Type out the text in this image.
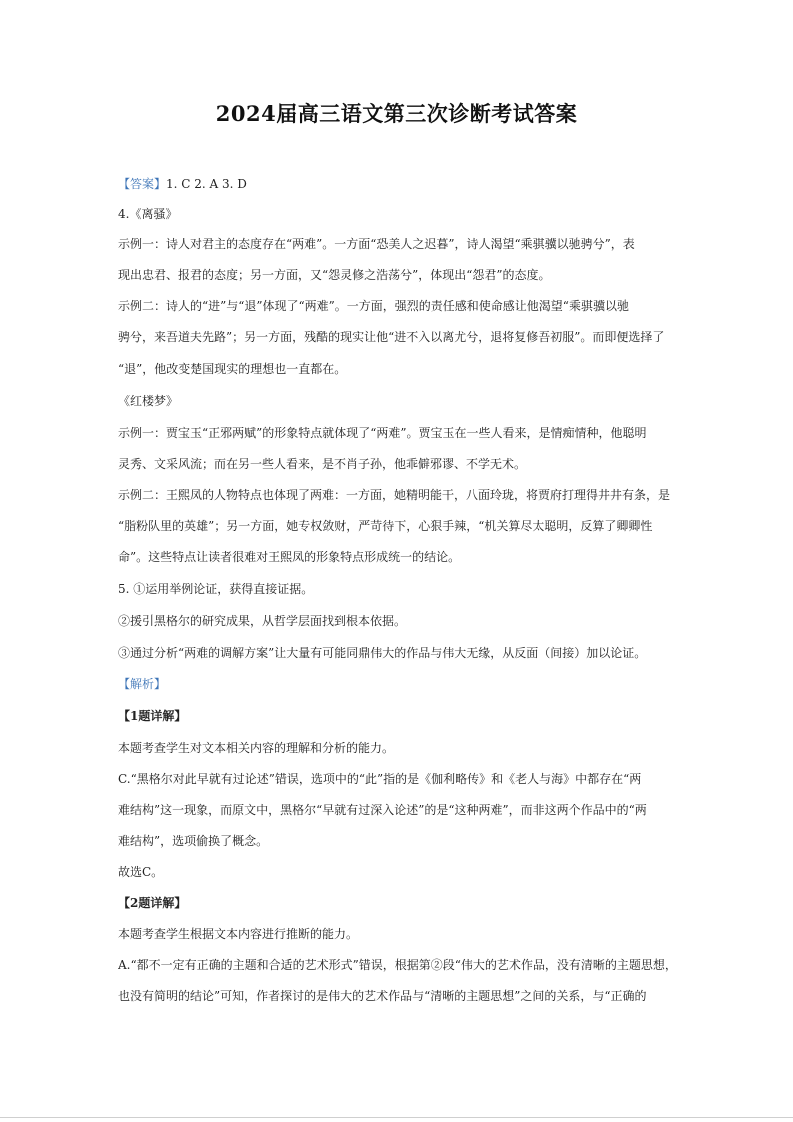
2024届高三语文第三次诊断考试答案
【答案】1. C 2. A 3. D
4.《离骚》
示例一：诗人对君主的态度存在“两难”。一方面“恐美人之迟暮”，诗人渴望“乘骐骥以驰骋兮”，表
现出忠君、报君的态度；另一方面，又“怨灵修之浩荡兮”，体现出“怨君”的态度。
示例二：诗人的“进”与“退”体现了“两难”。一方面，强烈的责任感和使命感让他渴望“乘骐骥以驰
骋兮，来吾道夫先路”；另一方面，残酷的现实让他“进不入以离尤兮，退将复修吾初服”。而即便选择了
“退”，他改变楚国现实的理想也一直都在。
《红楼梦》
示例一：贾宝玉“正邪两赋”的形象特点就体现了“两难”。贾宝玉在一些人看来，是情痴情种，他聪明
灵秀、文采风流；而在另一些人看来，是不肖子孙，他乖僻邪谬、不学无术。
示例二：王熙凤的人物特点也体现了两难：一方面，她精明能干，八面玲珑，将贾府打理得井井有条，是
“脂粉队里的英雄”；另一方面，她专权敛财，严苛待下，心狠手辣，“机关算尽太聪明，反算了卿卿性
命”。这些特点让读者很难对王熙凤的形象特点形成统一的结论。
5. ①运用举例论证，获得直接证据。
②援引黑格尔的研究成果，从哲学层面找到根本依据。
③通过分析“两难的调解方案”让大量有可能同鼎伟大的作品与伟大无缘，从反面（间接）加以论证。
【解析】
【1题详解】
本题考查学生对文本相关内容的理解和分析的能力。
C.“黑格尔对此早就有过论述”错误，选项中的“此”指的是《伽利略传》和《老人与海》中都存在“两
难结构”这一现象，而原文中，黑格尔“早就有过深入论述”的是“这种两难”，而非这两个作品中的“两
难结构”，选项偷换了概念。
故选C。
【2题详解】
本题考查学生根据文本内容进行推断的能力。
A.“都不一定有正确的主题和合适的艺术形式”错误，根据第②段“伟大的艺术作品，没有清晰的主题思想，
也没有简明的结论”可知，作者探讨的是伟大的艺术作品与“清晰的主题思想”之间的关系，与“正确的
